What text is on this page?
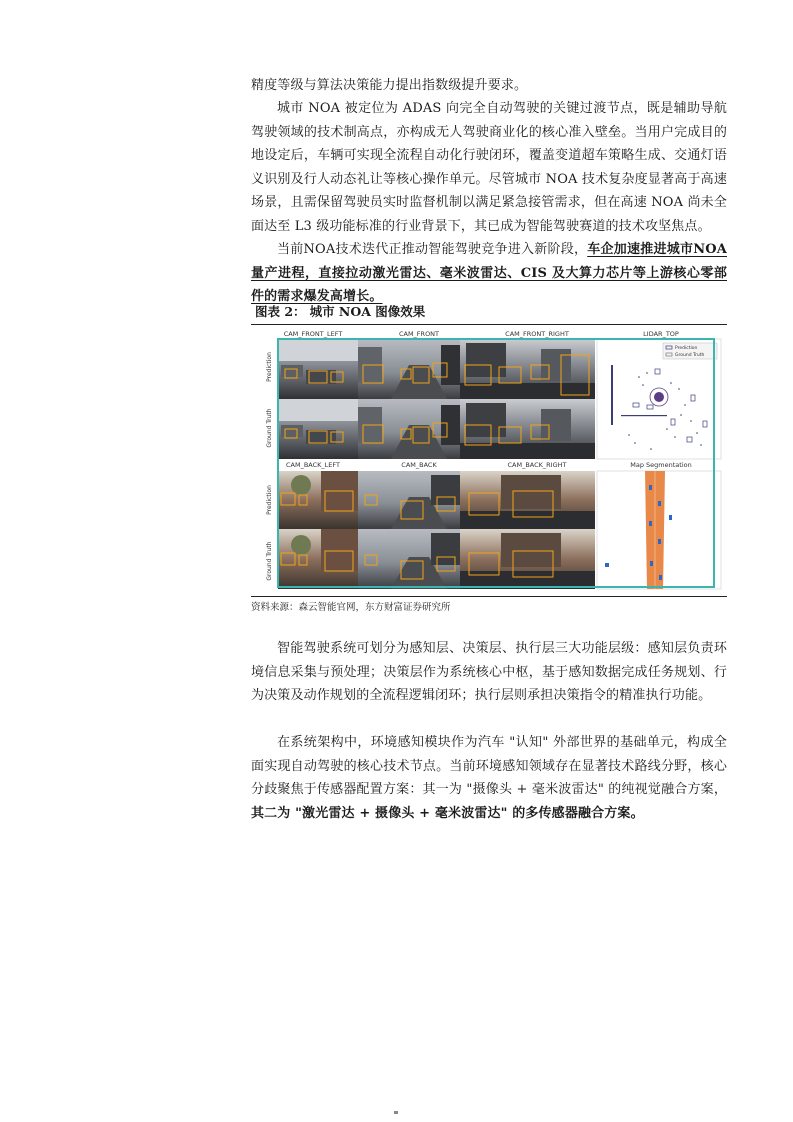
精度等级与算法决策能力提出指数级提升要求。

城市 NOA 被定位为 ADAS 向完全自动驾驶的关键过渡节点，既是辅助导航驾驶领域的技术制高点，亦构成无人驾驶商业化的核心准入壁垒。当用户完成目的地设定后，车辆可实现全流程自动化行驶闭环，覆盖变道超车策略生成、交通灯语义识别及行人动态礼让等核心操作单元。尽管城市 NOA 技术复杂度显著高于高速场景，且需保留驾驶员实时监督机制以满足紧急接管需求，但在高速 NOA 尚未全面达至 L3 级功能标准的行业背景下，其已成为智能驾驶赛道的技术攻坚焦点。

当前NOA技术迭代正推动智能驾驶竞争进入新阶段，车企加速推进城市NOA量产进程，直接拉动激光雷达、毫米波雷达、CIS 及大算力芯片等上游核心零部件的需求爆发高增长。

图表 2： 城市 NOA 图像效果
CAM_FRONT_LEFT	CAM_FRONT	CAM_FRONT_RIGHT	LIDAR_TOP
Prediction
Ground Truth
Prediction
Ground Truth
Prediction
Ground Truth
CAM_BACK_LEFT	CAM_BACK	CAM_BACK_RIGHT	Map Segmentation
资料来源：森云智能官网，东方财富证券研究所

智能驾驶系统可划分为感知层、决策层、执行层三大功能层级：感知层负责环境信息采集与预处理；决策层作为系统核心中枢，基于感知数据完成任务规划、行为决策及动作规划的全流程逻辑闭环；执行层则承担决策指令的精准执行功能。

在系统架构中，环境感知模块作为汽车 "认知" 外部世界的基础单元，构成全面实现自动驾驶的核心技术节点。当前环境感知领域存在显著技术路线分野，核心分歧聚焦于传感器配置方案：其一为 "摄像头 + 毫米波雷达" 的纯视觉融合方案，其二为 "激光雷达 + 摄像头 + 毫米波雷达" 的多传感器融合方案。
